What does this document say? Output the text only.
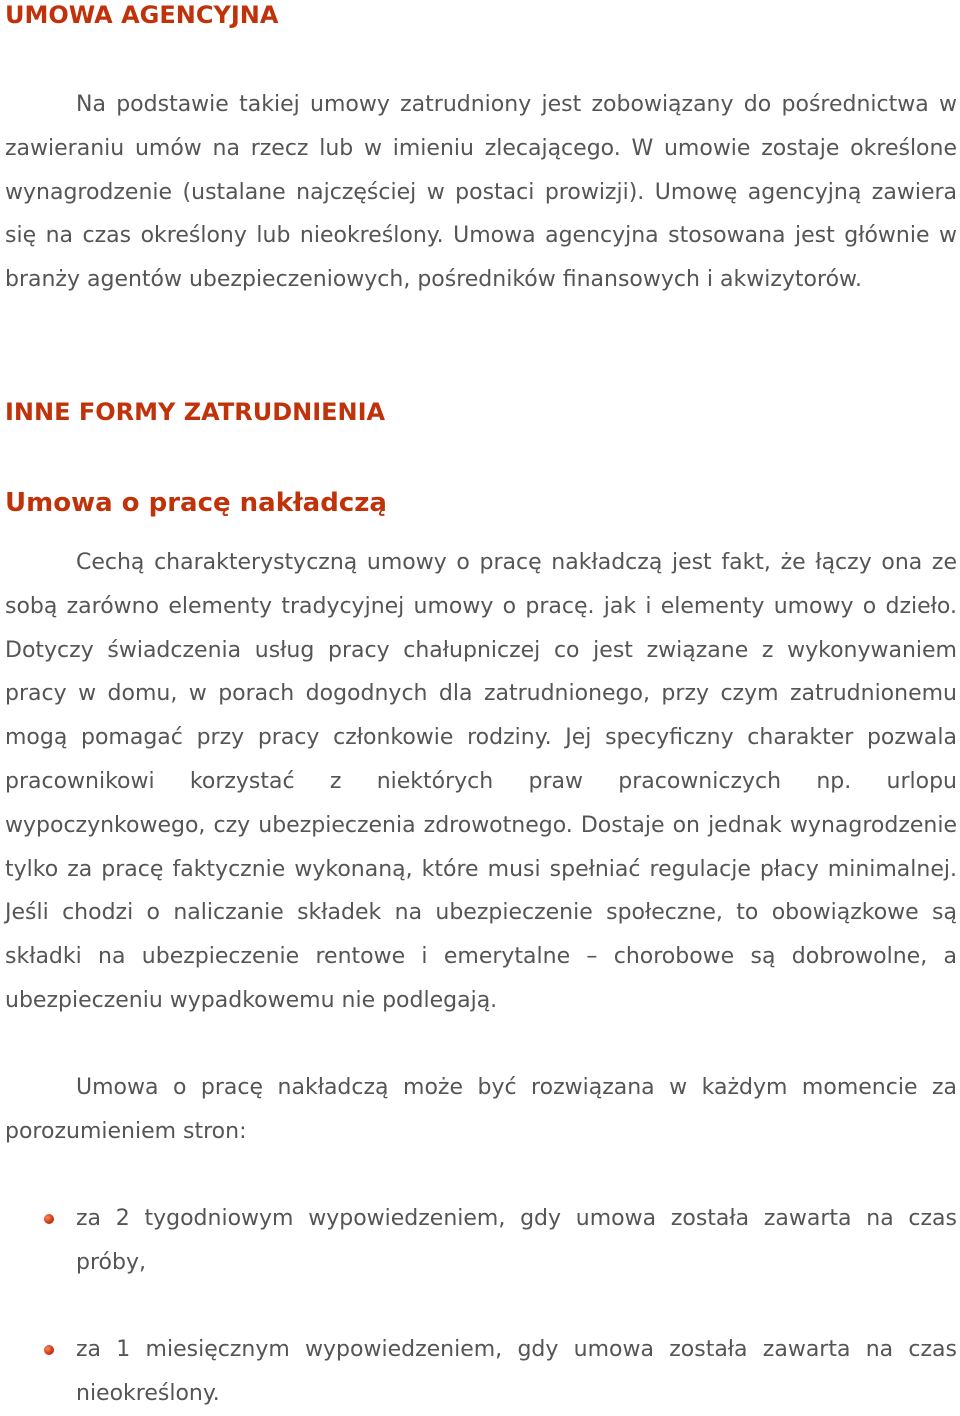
UMOWA AGENCYJNA

Na podstawie takiej umowy zatrudniony jest zobowiązany do pośrednictwa w zawieraniu umów na rzecz lub w imieniu zlecającego. W umowie zostaje określone wynagrodzenie (ustalane najczęściej w postaci prowizji). Umowę agencyjną zawiera się na czas określony lub nieokreślony. Umowa agencyjna stosowana jest głównie w branży agentów ubezpieczeniowych, pośredników finansowych i akwizytorów.

INNE FORMY ZATRUDNIENIA
Umowa o pracę nakładczą

Cechą charakterystyczną umowy o pracę nakładczą jest fakt, że łączy ona ze sobą zarówno elementy tradycyjnej umowy o pracę. jak i elementy umowy o dzieło. Dotyczy świadczenia usług pracy chałupniczej co jest związane z wykonywaniem pracy w domu, w porach dogodnych dla zatrudnionego, przy czym zatrudnionemu mogą pomagać przy pracy członkowie rodziny. Jej specyficzny charakter pozwala pracownikowi korzystać z niektórych praw pracowniczych np. urlopu wypoczynkowego, czy ubezpieczenia zdrowotnego. Dostaje on jednak wynagrodzenie tylko za pracę faktycznie wykonaną, które musi spełniać regulacje płacy minimalnej. Jeśli chodzi o naliczanie składek na ubezpieczenie społeczne, to obowiązkowe są składki na ubezpieczenie rentowe i emerytalne – chorobowe są dobrowolne, a ubezpieczeniu wypadkowemu nie podlegają.

Umowa o pracę nakładczą może być rozwiązana w każdym momencie za porozumieniem stron:

za 2 tygodniowym wypowiedzeniem, gdy umowa została zawarta na czas próby,
za 1 miesięcznym wypowiedzeniem, gdy umowa została zawarta na czas nieokreślony.
